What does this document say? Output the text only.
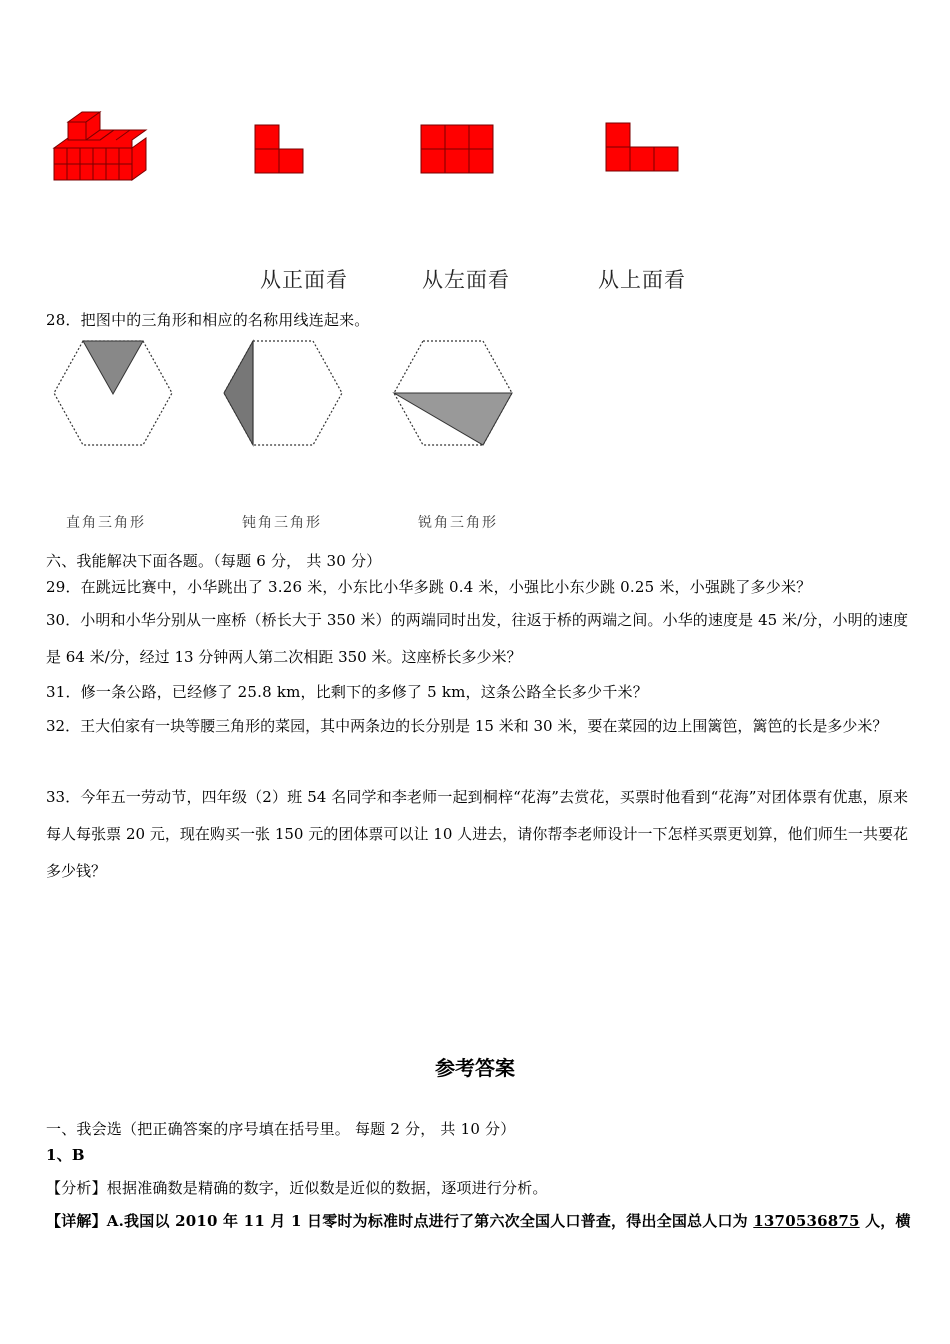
从正面看	从左面看	从上面看
28．把图中的三角形和相应的名称用线连起来。
直角三角形	钝角三角形	锐角三角形
六、我能解决下面各题。（每题 6 分， 共 30 分）
29．在跳远比赛中，小华跳出了 3.26 米，小东比小华多跳 0.4 米，小强比小东少跳 0.25 米，小强跳了多少米？
30．小明和小华分别从一座桥（桥长大于 350 米）的两端同时出发，往返于桥的两端之间。小华的速度是 45 米/分，小明的速度是 64 米/分，经过 13 分钟两人第二次相距 350 米。这座桥长多少米？
31．修一条公路，已经修了 25.8 km，比剩下的多修了 5 km，这条公路全长多少千米？
32．王大伯家有一块等腰三角形的菜园，其中两条边的长分别是 15 米和 30 米，要在菜园的边上围篱笆，篱笆的长是多少米？
33．今年五一劳动节，四年级（2）班 54 名同学和李老师一起到桐梓“花海”去赏花，买票时他看到“花海”对团体票有优惠，原来每人每张票 20 元，现在购买一张 150 元的团体票可以让 10 人进去，请你帮李老师设计一下怎样买票更划算，他们师生一共要花多少钱？
参考答案
一、我会选（把正确答案的序号填在括号里。 每题 2 分， 共 10 分）
1、B
【分析】根据准确数是精确的数字，近似数是近似的数据，逐项进行分析。
【详解】A.我国以 2010 年 11 月 1 日零时为标准时点进行了第六次全国人口普查，得出全国总人口为 1370536875 人，横
